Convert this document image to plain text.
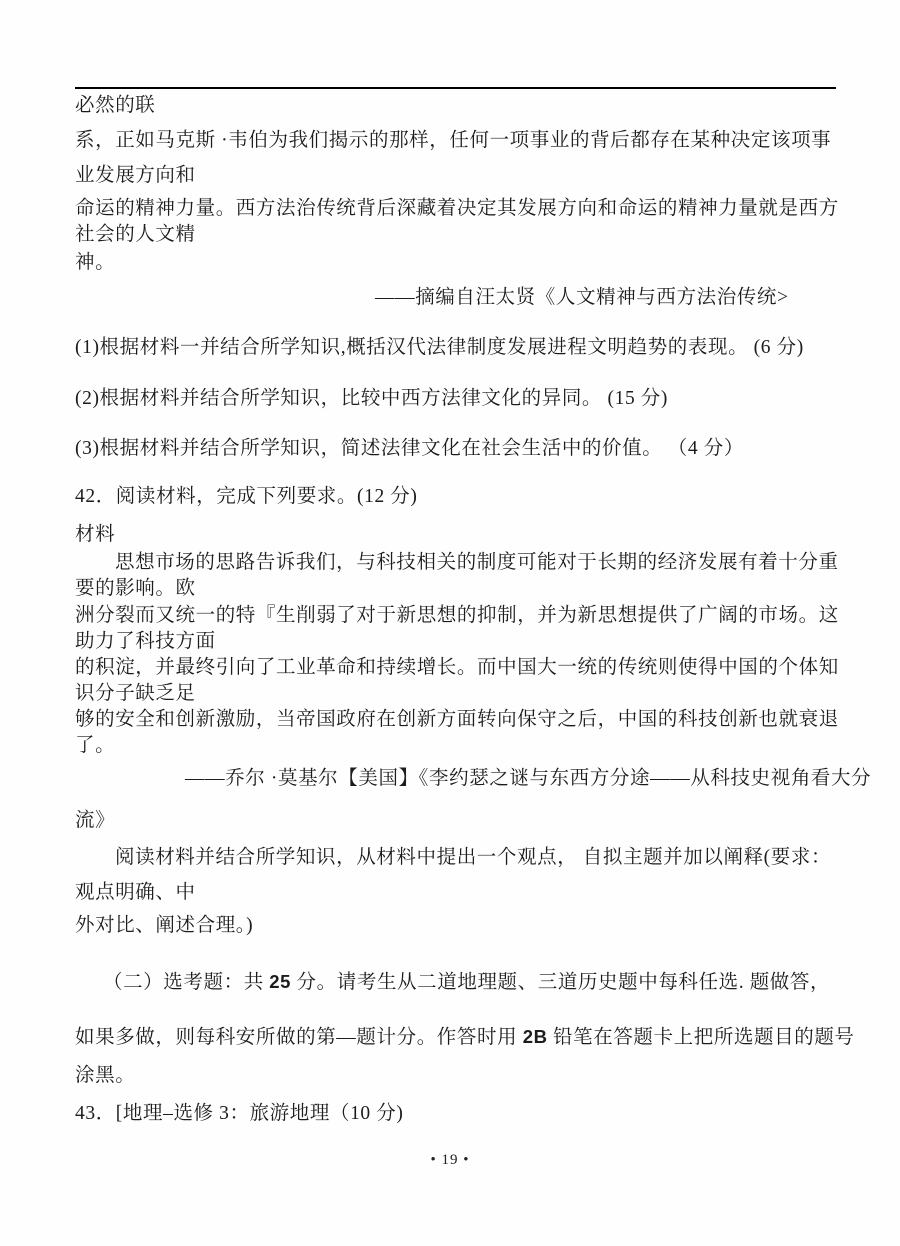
必然的联
系，正如马克斯 ·韦伯为我们揭示的那样，任何一项事业的背后都存在某种决定该项事
业发展方向和
命运的精神力量。西方法治传统背后深藏着决定其发展方向和命运的精神力量就是西方
社会的人文精
神。
——摘编自汪太贤《人文精神与西方法治传统>
(1)根据材料一并结合所学知识,概括汉代法律制度发展进程文明趋势的表现。 (6 分)
(2)根据材料并结合所学知识，比较中西方法律文化的异同。 (15 分)
(3)根据材料并结合所学知识，简述法律文化在社会生活中的价值。 （4 分）
42．阅读材料，完成下列要求。(12 分)
材料
思想市场的思路告诉我们，与科技相关的制度可能对于长期的经济发展有着十分重
要的影响。欧
洲分裂而又统一的特『生削弱了对于新思想的抑制，并为新思想提供了广阔的市场。这
助力了科技方面
的积淀，并最终引向了工业革命和持续增长。而中国大一统的传统则使得中国的个体知
识分子缺乏足
够的安全和创新激励，当帝国政府在创新方面转向保守之后，中国的科技创新也就衰退
了。
——乔尔 ·莫基尔【美国】《李约瑟之谜与东西方分途——从科技史视角看大分
流》
阅读材料并结合所学知识，从材料中提出一个观点， 自拟主题并加以阐释(要求：
观点明确、中
外对比、阐述合理。)
（二）选考题：共 25 分。请考生从二道地理题、三道历史题中每科任选. 题做答，
如果多做，则每科安所做的第—题计分。作答时用 2B 铅笔在答题卡上把所选题目的题号
涂黑。
43．[地理–选修 3：旅游地理（10 分)
• 19 •
